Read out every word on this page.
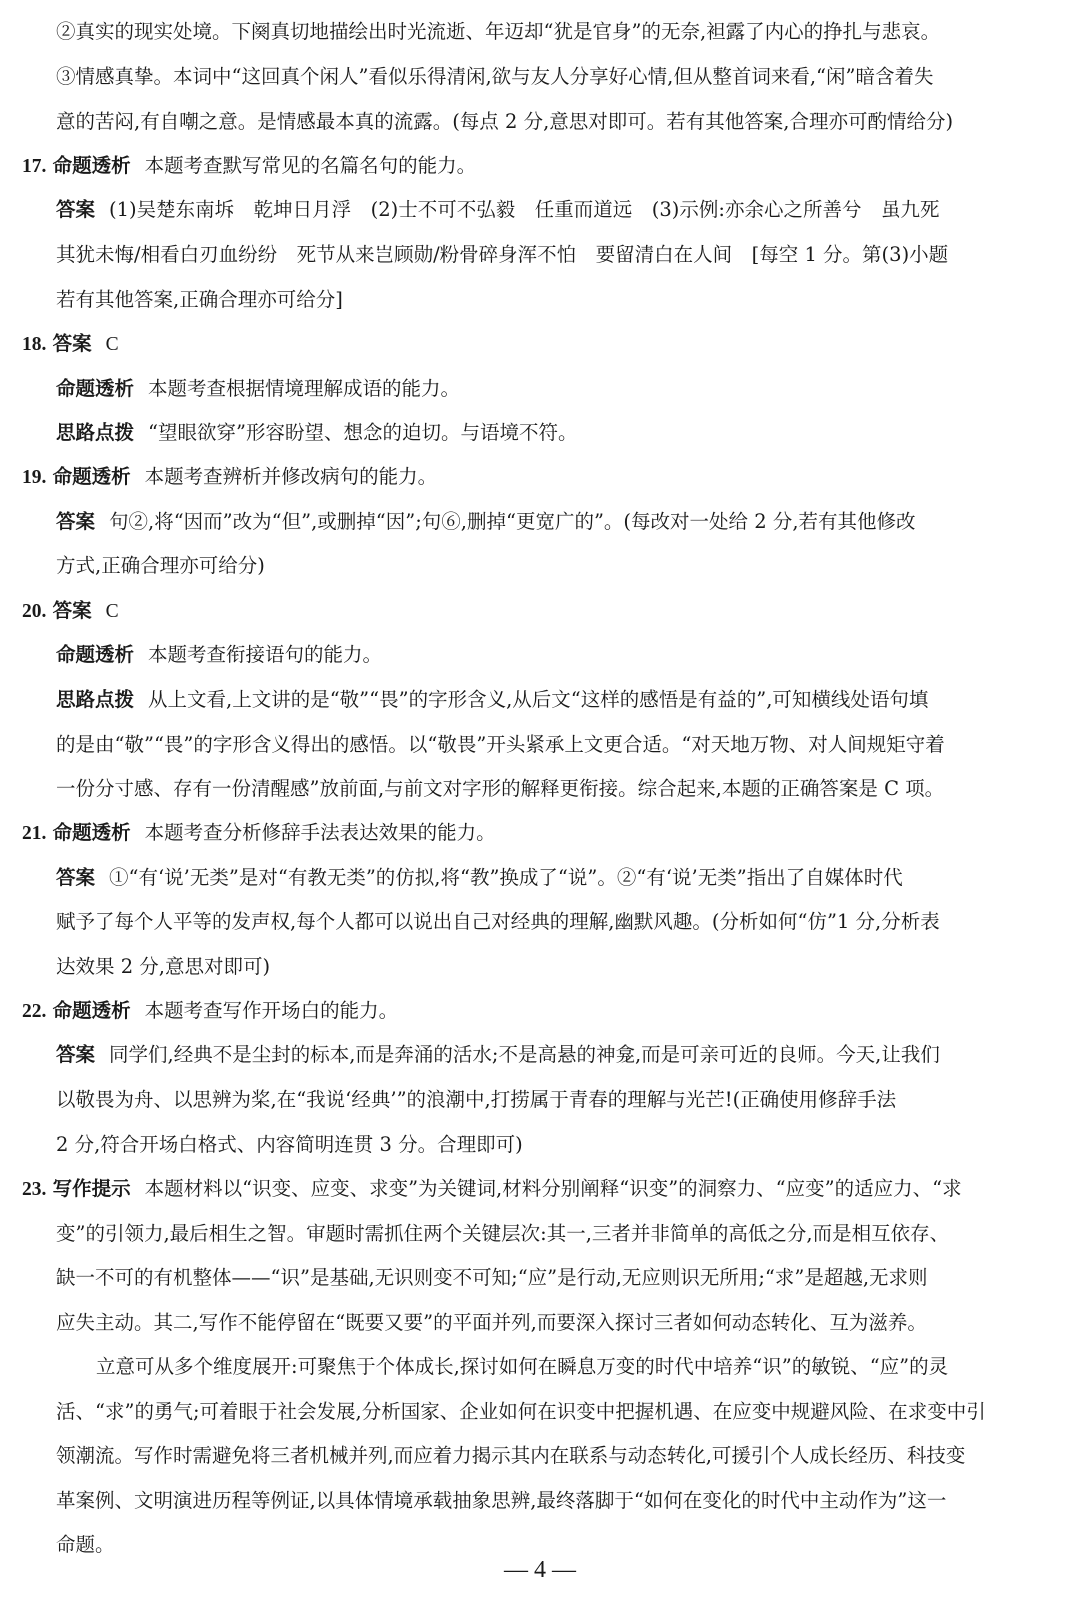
②真实的现实处境。下阕真切地描绘出时光流逝、年迈却“犹是官身”的无奈,袒露了内心的挣扎与悲哀。
③情感真挚。本词中“这回真个闲人”看似乐得清闲,欲与友人分享好心情,但从整首词来看,“闲”暗含着失
意的苦闷,有自嘲之意。是情感最本真的流露。(每点 2 分,意思对即可。若有其他答案,合理亦可酌情给分)
17. 命题透析 本题考查默写常见的名篇名句的能力。
答案 (1)吴楚东南坼　乾坤日月浮　(2)士不可不弘毅　任重而道远　(3)示例:亦余心之所善兮　虽九死
其犹未悔/相看白刃血纷纷　死节从来岂顾勋/粉骨碎身浑不怕　要留清白在人间　[每空 1 分。第(3)小题
若有其他答案,正确合理亦可给分]
18. 答案 C
命题透析 本题考查根据情境理解成语的能力。
思路点拨 “望眼欲穿”形容盼望、想念的迫切。与语境不符。
19. 命题透析 本题考查辨析并修改病句的能力。
答案 句②,将“因而”改为“但”,或删掉“因”;句⑥,删掉“更宽广的”。(每改对一处给 2 分,若有其他修改
方式,正确合理亦可给分)
20. 答案 C
命题透析 本题考查衔接语句的能力。
思路点拨 从上文看,上文讲的是“敬”“畏”的字形含义,从后文“这样的感悟是有益的”,可知横线处语句填
的是由“敬”“畏”的字形含义得出的感悟。以“敬畏”开头紧承上文更合适。“对天地万物、对人间规矩守着
一份分寸感、存有一份清醒感”放前面,与前文对字形的解释更衔接。综合起来,本题的正确答案是 C 项。
21. 命题透析 本题考查分析修辞手法表达效果的能力。
答案 ①“有‘说’无类”是对“有教无类”的仿拟,将“教”换成了“说”。②“有‘说’无类”指出了自媒体时代
赋予了每个人平等的发声权,每个人都可以说出自己对经典的理解,幽默风趣。(分析如何“仿”1 分,分析表
达效果 2 分,意思对即可)
22. 命题透析 本题考查写作开场白的能力。
答案 同学们,经典不是尘封的标本,而是奔涌的活水;不是高悬的神龛,而是可亲可近的良师。今天,让我们
以敬畏为舟、以思辨为桨,在“我说‘经典’”的浪潮中,打捞属于青春的理解与光芒!(正确使用修辞手法
2 分,符合开场白格式、内容简明连贯 3 分。合理即可)
23. 写作提示 本题材料以“识变、应变、求变”为关键词,材料分别阐释“识变”的洞察力、“应变”的适应力、“求
变”的引领力,最后相生之智。审题时需抓住两个关键层次:其一,三者并非简单的高低之分,而是相互依存、
缺一不可的有机整体——“识”是基础,无识则变不可知;“应”是行动,无应则识无所用;“求”是超越,无求则
应失主动。其二,写作不能停留在“既要又要”的平面并列,而要深入探讨三者如何动态转化、互为滋养。
立意可从多个维度展开:可聚焦于个体成长,探讨如何在瞬息万变的时代中培养“识”的敏锐、“应”的灵
活、“求”的勇气;可着眼于社会发展,分析国家、企业如何在识变中把握机遇、在应变中规避风险、在求变中引
领潮流。写作时需避免将三者机械并列,而应着力揭示其内在联系与动态转化,可援引个人成长经历、科技变
革案例、文明演进历程等例证,以具体情境承载抽象思辨,最终落脚于“如何在变化的时代中主动作为”这一
命题。
— 4 —
